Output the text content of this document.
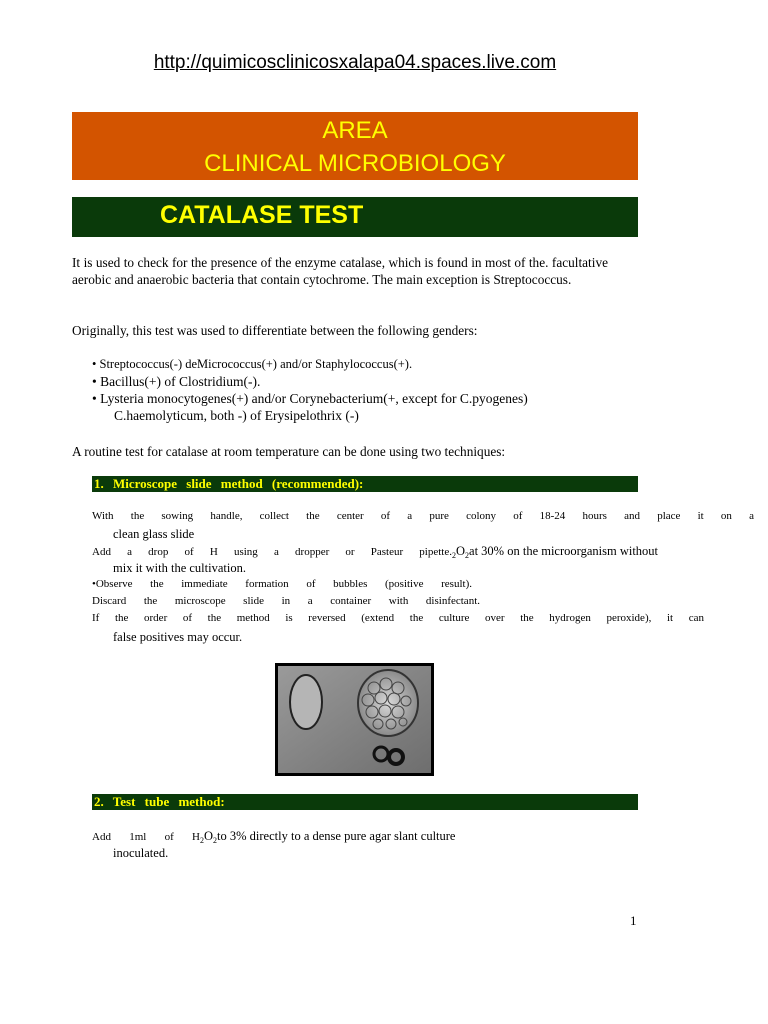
http://quimicosclinicosxalapa04.spaces.live.com
AREA
CLINICAL MICROBIOLOGY
CATALASE TEST
It is used to check for the presence of the enzyme catalase, which is found in most of the. facultative aerobic and anaerobic bacteria that contain cytochrome. The main exception is Streptococcus.
Originally, this test was used to differentiate between the following genders:
• Streptococcus(-) deMicrococcus(+) and/or Staphylococcus(+).
• Bacillus(+) of Clostridium(-).
• Lysteria monocytogenes(+) and/or Corynebacterium(+, except for C.pyogenes)
C.haemolyticum, both -) of Erysipelothrix (-)
A routine test for catalase at room temperature can be done using two techniques:
1. Microscope slide method (recommended):
With the sowing handle, collect the center of a pure colony of 18-24 hours and place it on a
clean glass slide
Add a drop of H using a dropper or Pasteur $pipette._2O_2at$ 30% on the microorganism without
mix it with the cultivation.
•Observe the immediate formation of bubbles (positive result).
Discard the microscope slide in a container with disinfectant.
If the order of the method is reversed (extend the culture over the hydrogen peroxide), it can
false positives may occur.
2. Test tube method:
Add 1ml of $H_2O_2to$ 3% directly to a dense pure agar slant culture
inoculated.
1
